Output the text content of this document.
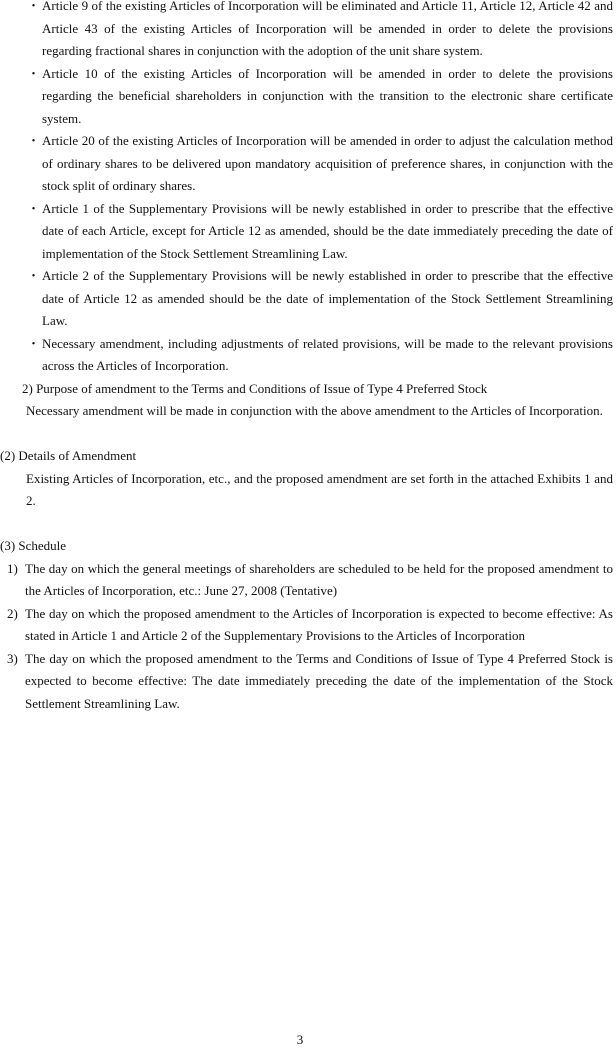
・ Article 9 of the existing Articles of Incorporation will be eliminated and Article 11, Article 12, Article 42 and Article 43 of the existing Articles of Incorporation will be amended in order to delete the provisions regarding fractional shares in conjunction with the adoption of the unit share system.
・ Article 10 of the existing Articles of Incorporation will be amended in order to delete the provisions regarding the beneficial shareholders in conjunction with the transition to the electronic share certificate system.
・ Article 20 of the existing Articles of Incorporation will be amended in order to adjust the calculation method of ordinary shares to be delivered upon mandatory acquisition of preference shares, in conjunction with the stock split of ordinary shares.
・ Article 1 of the Supplementary Provisions will be newly established in order to prescribe that the effective date of each Article, except for Article 12 as amended, should be the date immediately preceding the date of implementation of the Stock Settlement Streamlining Law.
・ Article 2 of the Supplementary Provisions will be newly established in order to prescribe that the effective date of Article 12 as amended should be the date of implementation of the Stock Settlement Streamlining Law.
・ Necessary amendment, including adjustments of related provisions, will be made to the relevant provisions across the Articles of Incorporation.
2) Purpose of amendment to the Terms and Conditions of Issue of Type 4 Preferred Stock
Necessary amendment will be made in conjunction with the above amendment to the Articles of Incorporation.
(2) Details of Amendment
Existing Articles of Incorporation, etc., and the proposed amendment are set forth in the attached Exhibits 1 and 2.
(3) Schedule
1) The day on which the general meetings of shareholders are scheduled to be held for the proposed amendment to the Articles of Incorporation, etc.: June 27, 2008 (Tentative)
2) The day on which the proposed amendment to the Articles of Incorporation is expected to become effective: As stated in Article 1 and Article 2 of the Supplementary Provisions to the Articles of Incorporation
3) The day on which the proposed amendment to the Terms and Conditions of Issue of Type 4 Preferred Stock is expected to become effective: The date immediately preceding the date of the implementation of the Stock Settlement Streamlining Law.
3
